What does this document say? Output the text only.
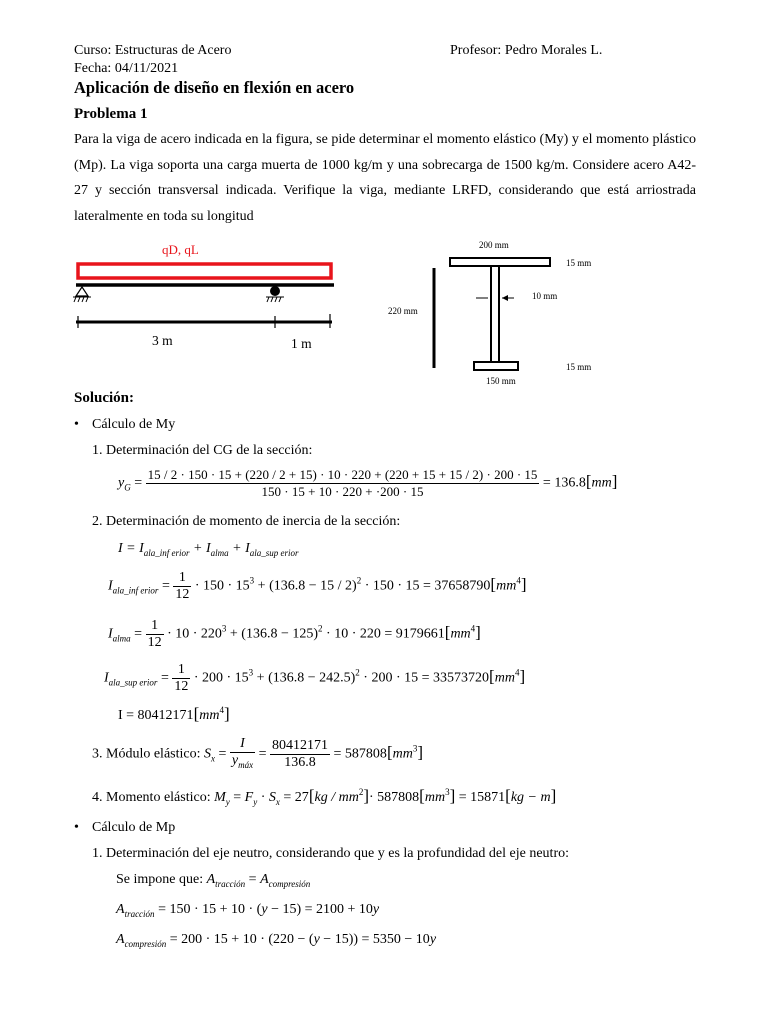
Curso: Estructuras de Acero	Profesor: Pedro Morales L.
Fecha: 04/11/2021
Aplicación de diseño en flexión en acero
Problema 1
Para la viga de acero indicada en la figura, se pide determinar el momento elástico (My) y el momento plástico (Mp). La viga soporta una carga muerta de 1000 kg/m y una sobrecarga de 1500 kg/m. Considere acero A42-27 y sección transversal indicada. Verifique la viga, mediante LRFD, considerando que está arriostrada lateralmente en toda su longitud
qD, qL
3 m	1 m
200 mm
15 mm
220 mm
10 mm
15 mm
150 mm
Solución:
• Cálculo de My
1. Determinación del CG de la sección:
$y_G$ =
15 / 2 · 150 · 15 + (220 / 2 + 15) · 10 · 220 + (220 + 15 + 15 / 2) · 200 · 15
150 · 15 + 10 · 220 + ·200 · 15
= 136.8[mm]
2. Determinación de momento de inercia de la sección:
$I = I_{ala\_inf erior} + I_{alma} + I_{ala\_sup erior}$
$I_{ala\_inf erior} = \frac{1}{12} \cdot 150 \cdot 15^3 + (136.8 - 15 / 2)^2 \cdot 150 \cdot 15 = 37658790[mm^4]$
$I_{alma} = \frac{1}{12} \cdot 10 \cdot 220^3 + (136.8 - 125)^2 \cdot 10 \cdot 220 = 9179661[mm^4]$
$I_{ala\_sup erior} = \frac{1}{12} \cdot 200 \cdot 15^3 + (136.8 - 242.5)^2 \cdot 200 \cdot 15 = 33573720[mm^4]$
$I = 80412171[mm^4]$
3. Módulo elástico: $S_x = \frac{I}{y_{máx}} = \frac{80412171}{136.8} = 587808[mm^3]$
4. Momento elástico: $M_y = F_y \cdot S_x = 27[kg / mm^2]\cdot 587808[mm^3] = 15871[kg - m]$
• Cálculo de Mp
1. Determinación del eje neutro, considerando que y es la profundidad del eje neutro:
Se impone que: $A_{tracción} = A_{compresión}$
$A_{tracción} = 150 \cdot 15 + 10 \cdot (y - 15) = 2100 + 10y$
$A_{compresión} = 200 \cdot 15 + 10 \cdot (220 - (y - 15)) = 5350 - 10y$
